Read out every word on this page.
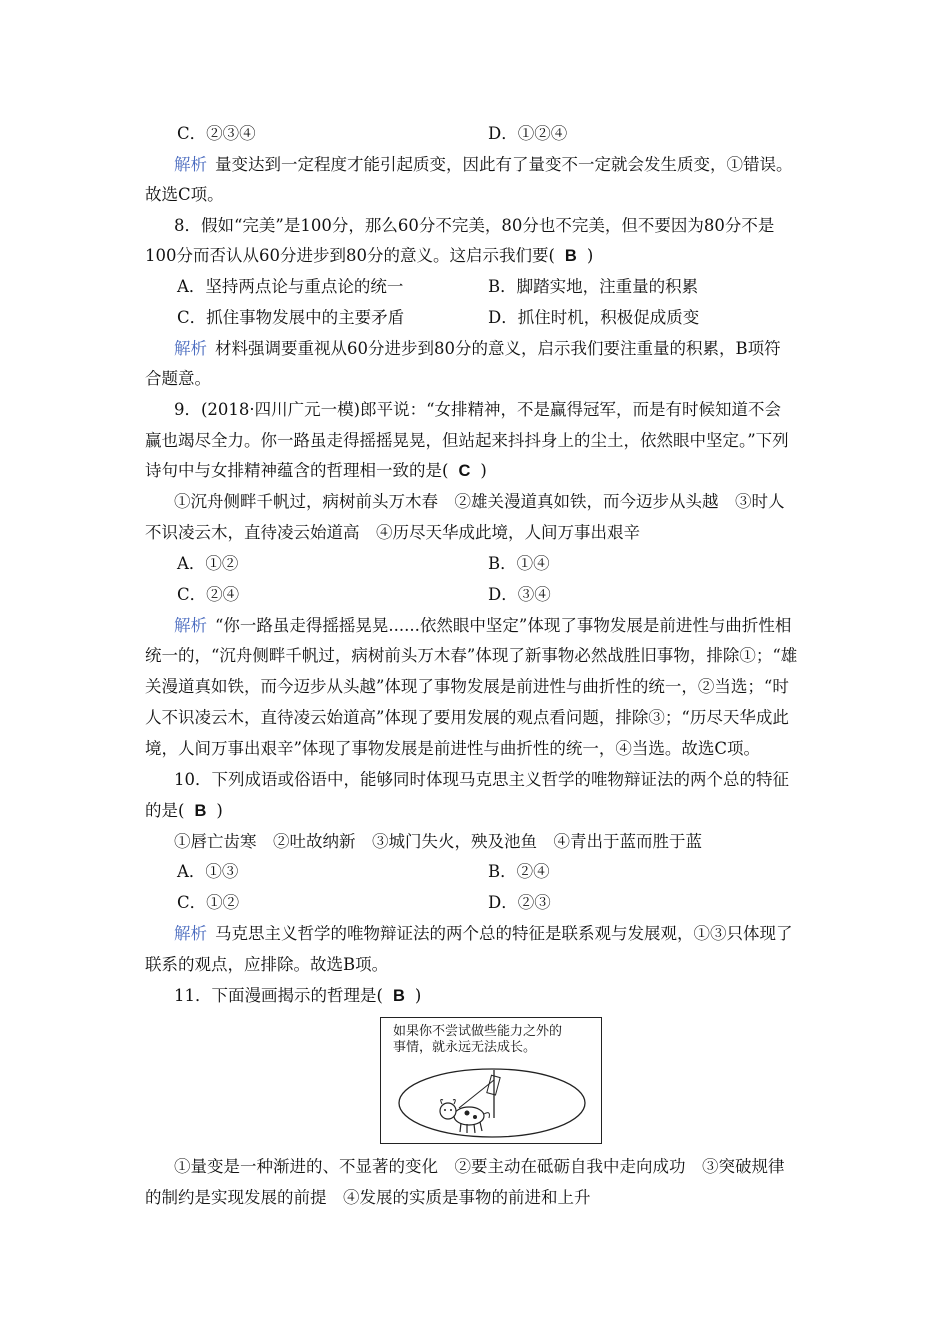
C．②③④	D．①②④
解析 量变达到一定程度才能引起质变，因此有了量变不一定就会发生质变，①错误。
故选C项。
8．假如“完美”是100分，那么60分不完美，80分也不完美，但不要因为80分不是
100分而否认从60分进步到80分的意义。这启示我们要( B )
A．坚持两点论与重点论的统一	B．脚踏实地，注重量的积累
C．抓住事物发展中的主要矛盾	D．抓住时机，积极促成质变
解析 材料强调要重视从60分进步到80分的意义，启示我们要注重量的积累，B项符
合题意。
9．(2018·四川广元一模)郎平说：“女排精神，不是赢得冠军，而是有时候知道不会
赢也竭尽全力。你一路虽走得摇摇晃晃，但站起来抖抖身上的尘土，依然眼中坚定。”下列
诗句中与女排精神蕴含的哲理相一致的是( C )
①沉舟侧畔千帆过，病树前头万木春　②雄关漫道真如铁，而今迈步从头越　③时人
不识凌云木，直待凌云始道高　④历尽天华成此境，人间万事出艰辛
A．①②	B．①④
C．②④	D．③④
解析 “你一路虽走得摇摇晃晃......依然眼中坚定”体现了事物发展是前进性与曲折性相
统一的，“沉舟侧畔千帆过，病树前头万木春”体现了新事物必然战胜旧事物，排除①；“雄
关漫道真如铁，而今迈步从头越”体现了事物发展是前进性与曲折性的统一，②当选；“时
人不识凌云木，直待凌云始道高”体现了要用发展的观点看问题，排除③；“历尽天华成此
境，人间万事出艰辛”体现了事物发展是前进性与曲折性的统一，④当选。故选C项。
10．下列成语或俗语中，能够同时体现马克思主义哲学的唯物辩证法的两个总的特征
的是( B )
①唇亡齿寒　②吐故纳新　③城门失火，殃及池鱼　④青出于蓝而胜于蓝
A．①③	B．②④
C．①②	D．②③
解析 马克思主义哲学的唯物辩证法的两个总的特征是联系观与发展观，①③只体现了
联系的观点，应排除。故选B项。
11．下面漫画揭示的哲理是( B )
如果你不尝试做些能力之外的
事情，就永远无法成长。
①量变是一种渐进的、不显著的变化　②要主动在砥砺自我中走向成功　③突破规律
的制约是实现发展的前提　④发展的实质是事物的前进和上升
